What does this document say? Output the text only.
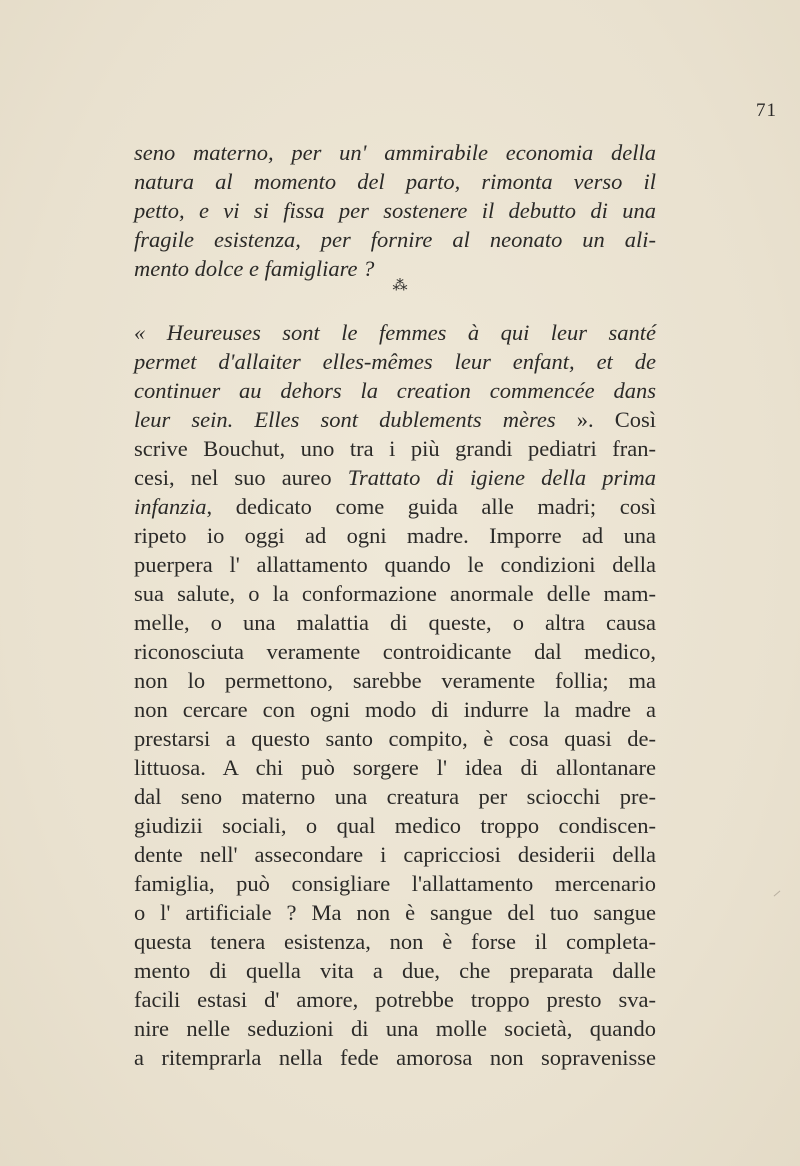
71
seno materno, per un' ammirabile economia della
natura al momento del parto, rimonta verso il
petto, e vi si fissa per sostenere il debutto di una
fragile esistenza, per fornire al neonato un ali-
mento dolce e famigliare ?
⁂
« Heureuses sont le femmes à qui leur santé
permet d'allaiter elles-mêmes leur enfant, et de
continuer au dehors la creation commencée dans
leur sein. Elles sont dublements mères ». Così
scrive Bouchut, uno tra i più grandi pediatri fran-
cesi, nel suo aureo Trattato di igiene della prima
infanzia, dedicato come guida alle madri; così
ripeto io oggi ad ogni madre. Imporre ad una
puerpera l' allattamento quando le condizioni della
sua salute, o la conformazione anormale delle mam-
melle, o una malattia di queste, o altra causa
riconosciuta veramente controidicante dal medico,
non lo permettono, sarebbe veramente follia; ma
non cercare con ogni modo di indurre la madre a
prestarsi a questo santo compito, è cosa quasi de-
littuosa. A chi può sorgere l' idea di allontanare
dal seno materno una creatura per sciocchi pre-
giudizii sociali, o qual medico troppo condiscen-
dente nell' assecondare i capricciosi desiderii della
famiglia, può consigliare l'allattamento mercenario
o l' artificiale ? Ma non è sangue del tuo sangue
questa tenera esistenza, non è forse il completa-
mento di quella vita a due, che preparata dalle
facili estasi d' amore, potrebbe troppo presto sva-
nire nelle seduzioni di una molle società, quando
a ritemprarla nella fede amorosa non sopravenisse
